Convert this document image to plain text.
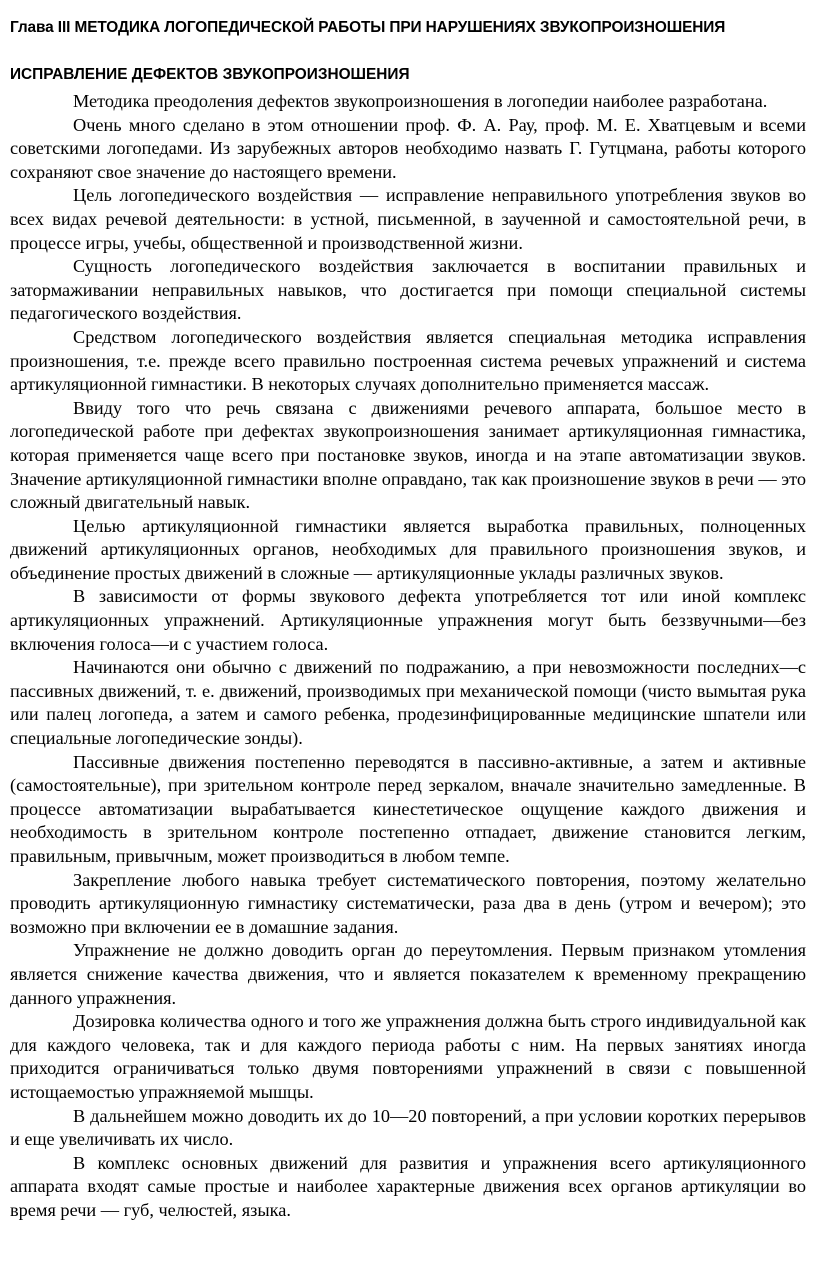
Глава III МЕТОДИКА ЛОГОПЕДИЧЕСКОЙ РАБОТЫ ПРИ НАРУШЕНИЯХ ЗВУКОПРОИЗНОШЕНИЯ
ИСПРАВЛЕНИЕ ДЕФЕКТОВ ЗВУКОПРОИЗНОШЕНИЯ

Методика преодоления дефектов звукопроизношения в логопедии наиболее разработана.

Очень много сделано в этом отношении проф. Ф. А. Рау, проф. М. Е. Хватцевым и всеми советскими логопедами. Из зарубежных авторов необходимо назвать Г. Гутцмана, работы которого сохраняют свое значение до настоящего времени.

Цель логопедического воздействия — исправление неправильного употребления звуков во всех видах речевой деятельности: в устной, письменной, в заученной и самостоятельной речи, в процессе игры, учебы, общественной и производственной жизни.

Сущность логопедического воздействия заключается в воспитании правильных и затормаживании неправильных навыков, что достигается при помощи специальной системы педагогического воздействия.

Средством логопедического воздействия является специальная методика исправления произношения, т.е. прежде всего правильно построенная система речевых упражнений и система артикуляционной гимнастики. В некоторых случаях дополнительно применяется массаж.

Ввиду того что речь связана с движениями речевого аппарата, большое место в логопедической работе при дефектах звукопроизношения занимает артикуляционная гимнастика, которая применяется чаще всего при постановке звуков, иногда и на этапе автоматизации звуков. Значение артикуляционной гимнастики вполне оправдано, так как произношение звуков в речи — это сложный двигательный навык.

Целью артикуляционной гимнастики является выработка правильных, полноценных движений артикуляционных органов, необходимых для правильного произношения звуков, и объединение простых движений в сложные — артикуляционные уклады различных звуков.

В зависимости от формы звукового дефекта употребляется тот или иной комплекс артикуляционных упражнений. Артикуляционные упражнения могут быть беззвучными—без включения голоса—и с участием голоса.

Начинаются они обычно с движений по подражанию, а при невозможности последних—с пассивных движений, т. е. движений, производимых при механической помощи (чисто вымытая рука или палец логопеда, а затем и самого ребенка, продезинфицированные медицинские шпатели или специальные логопедические зонды).

Пассивные движения постепенно переводятся в пассивно-активные, а затем и активные (самостоятельные), при зрительном контроле перед зеркалом, вначале значительно замедленные. В процессе автоматизации вырабатывается кинестетическое ощущение каждого движения и необходимость в зрительном контроле постепенно отпадает, движение становится легким, правильным, привычным, может производиться в любом темпе.

Закрепление любого навыка требует систематического повторения, поэтому желательно проводить артикуляционную гимнастику систематически, раза два в день (утром и вечером); это возможно при включении ее в домашние задания.

Упражнение не должно доводить орган до переутомления. Первым признаком утомления является снижение качества движения, что и является показателем к временному прекращению данного упражнения.

Дозировка количества одного и того же упражнения должна быть строго индивидуальной как для каждого человека, так и для каждого периода работы с ним. На первых занятиях иногда приходится ограничиваться только двумя повторениями упражнений в связи с повышенной истощаемостью упражняемой мышцы.

В дальнейшем можно доводить их до 10—20 повторений, а при условии коротких перерывов и еще увеличивать их число.

В комплекс основных движений для развития и упражнения всего артикуляционного аппарата входят самые простые и наиболее характерные движения всех органов артикуляции во время речи — губ, челюстей, языка.
